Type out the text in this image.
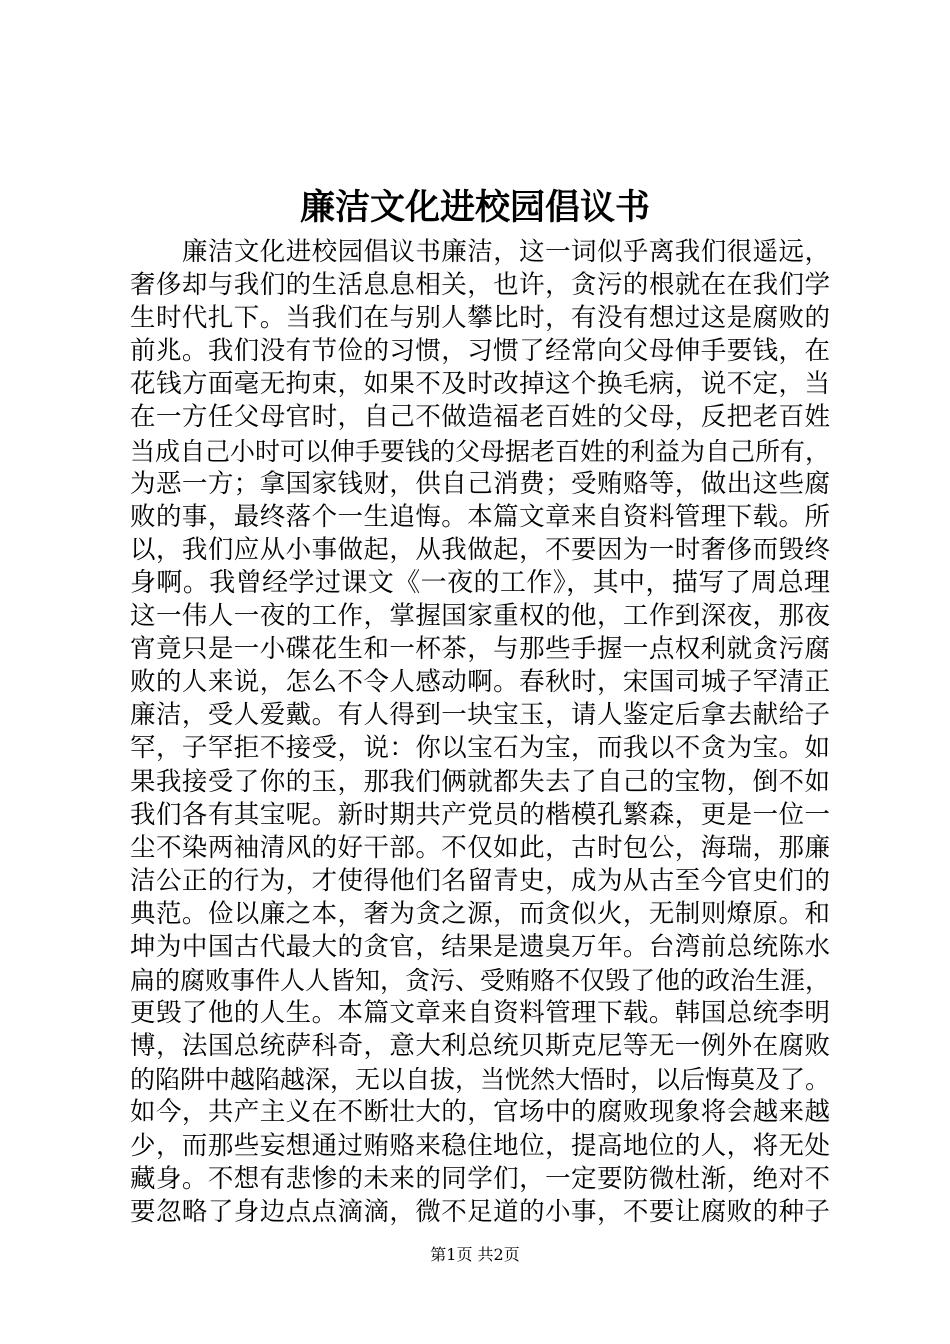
廉洁文化进校园倡议书
廉洁文化进校园倡议书廉洁，这一词似乎离我们很遥远，
奢侈却与我们的生活息息相关，也许，贪污的根就在在我们学
生时代扎下。当我们在与别人攀比时，有没有想过这是腐败的
前兆。我们没有节俭的习惯，习惯了经常向父母伸手要钱，在
花钱方面毫无拘束，如果不及时改掉这个换毛病，说不定，当
在一方任父母官时，自己不做造福老百姓的父母，反把老百姓
当成自己小时可以伸手要钱的父母据老百姓的利益为自己所有，
为恶一方；拿国家钱财，供自己消费；受贿赂等，做出这些腐
败的事，最终落个一生追悔。本篇文章来自资料管理下载。所
以，我们应从小事做起，从我做起，不要因为一时奢侈而毁终
身啊。我曾经学过课文《一夜的工作》，其中，描写了周总理
这一伟人一夜的工作，掌握国家重权的他，工作到深夜，那夜
宵竟只是一小碟花生和一杯茶，与那些手握一点权利就贪污腐
败的人来说，怎么不令人感动啊。春秋时，宋国司城子罕清正
廉洁，受人爱戴。有人得到一块宝玉，请人鉴定后拿去献给子
罕，子罕拒不接受，说：你以宝石为宝，而我以不贪为宝。如
果我接受了你的玉，那我们俩就都失去了自己的宝物，倒不如
我们各有其宝呢。新时期共产党员的楷模孔繁森，更是一位一
尘不染两袖清风的好干部。不仅如此，古时包公，海瑞，那廉
洁公正的行为，才使得他们名留青史，成为从古至今官史们的
典范。俭以廉之本，奢为贪之源，而贪似火，无制则燎原。和
坤为中国古代最大的贪官，结果是遗臭万年。台湾前总统陈水
扁的腐败事件人人皆知，贪污、受贿赂不仅毁了他的政治生涯，
更毁了他的人生。本篇文章来自资料管理下载。韩国总统李明
博，法国总统萨科奇，意大利总统贝斯克尼等无一例外在腐败
的陷阱中越陷越深，无以自拔，当恍然大悟时，以后悔莫及了。
如今，共产主义在不断壮大的，官场中的腐败现象将会越来越
少，而那些妄想通过贿赂来稳住地位，提高地位的人，将无处
藏身。不想有悲惨的未来的同学们，一定要防微杜渐，绝对不
要忽略了身边点点滴滴，微不足道的小事，不要让腐败的种子
第1页 共2页
